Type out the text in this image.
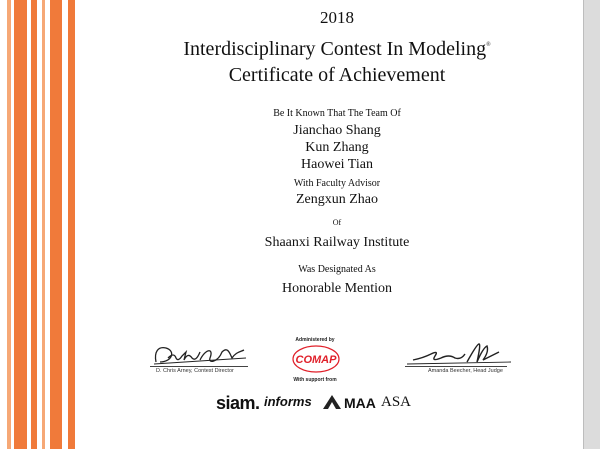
2018
Interdisciplinary Contest In Modeling®
Certificate of Achievement
Be It Known That The Team Of
Jianchao Shang
Kun Zhang
Haowei Tian
With Faculty Advisor
Zengxun Zhao
Of
Shaanxi Railway Institute
Was Designated As
Honorable Mention
D. Chris Arney, Contest Director	Amanda Beecher, Head Judge
Administered by
COMAP
With support from
siam. informs MAA ASA
